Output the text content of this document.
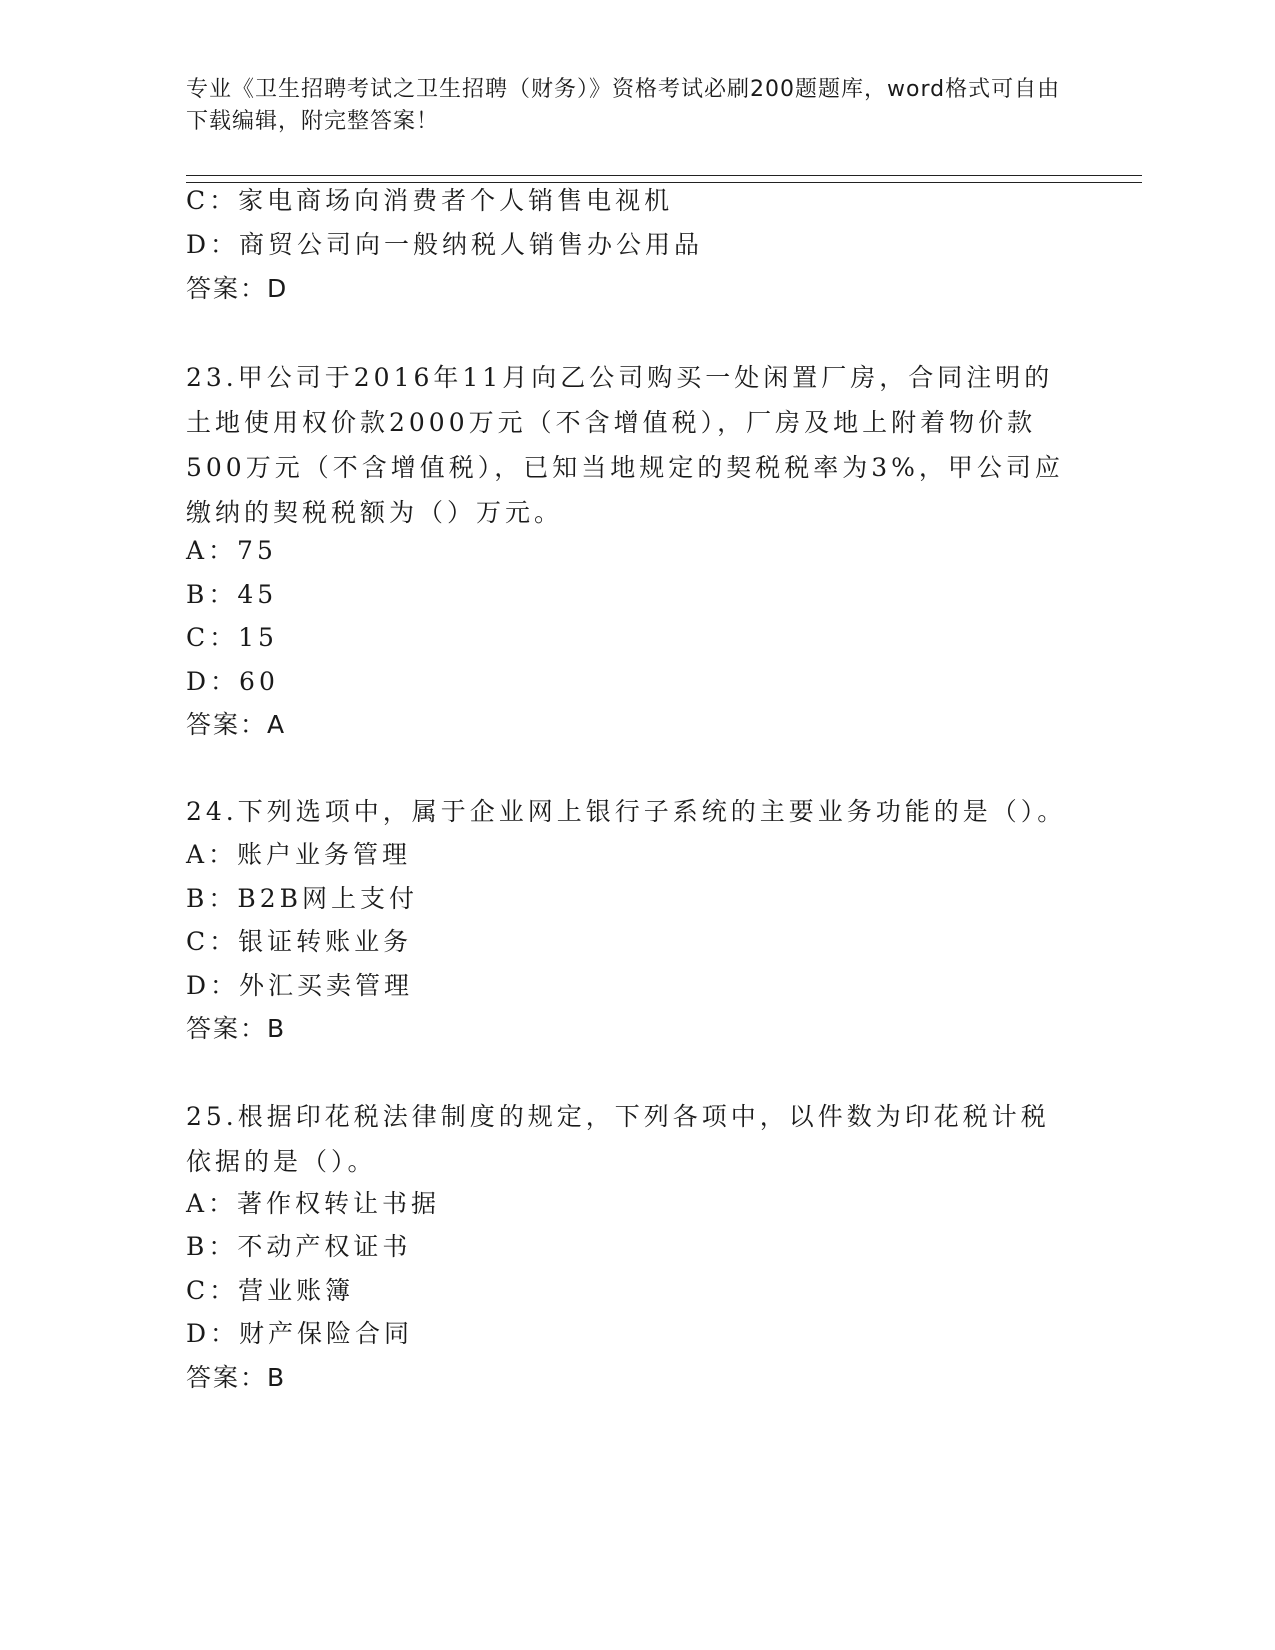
专业《卫生招聘考试之卫生招聘（财务）》资格考试必刷200题题库，word格式可自由下载编辑，附完整答案！
C：家电商场向消费者个人销售电视机
D：商贸公司向一般纳税人销售办公用品
答案：D
23.甲公司于2016年11月向乙公司购买一处闲置厂房，合同注明的土地使用权价款2000万元（不含增值税），厂房及地上附着物价款500万元（不含增值税），已知当地规定的契税税率为3%，甲公司应缴纳的契税税额为（）万元。
A：75
B：45
C：15
D：60
答案：A
24.下列选项中，属于企业网上银行子系统的主要业务功能的是（）。
A：账户业务管理
B：B2B网上支付
C：银证转账业务
D：外汇买卖管理
答案：B
25.根据印花税法律制度的规定，下列各项中，以件数为印花税计税依据的是（）。
A：著作权转让书据
B：不动产权证书
C：营业账簿
D：财产保险合同
答案：B
